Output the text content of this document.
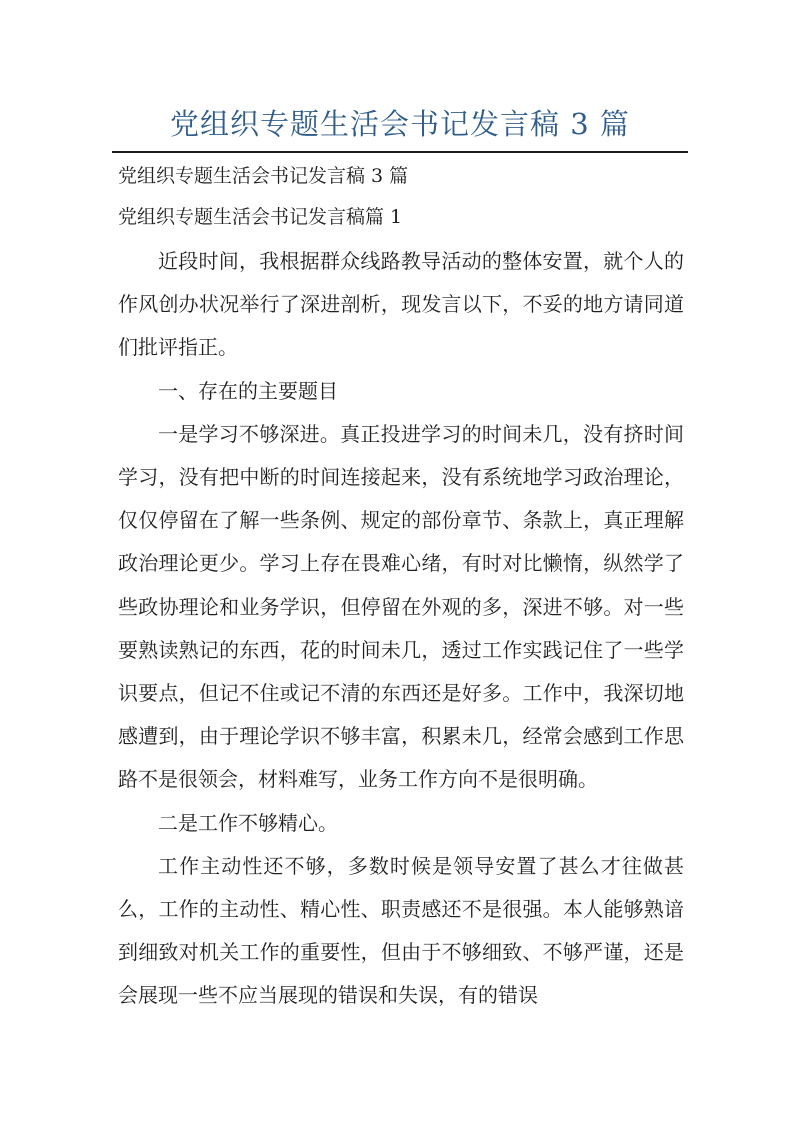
党组织专题生活会书记发言稿 3 篇
党组织专题生活会书记发言稿 3 篇
党组织专题生活会书记发言稿篇 1

近段时间，我根据群众线路教导活动的整体安置，就个人的作风创办状况举行了深进剖析，现发言以下，不妥的地方请同道们批评指正。

一、存在的主要题目

一是学习不够深进。真正投进学习的时间未几，没有挤时间学习，没有把中断的时间连接起来，没有系统地学习政治理论，仅仅停留在了解一些条例、规定的部份章节、条款上，真正理解政治理论更少。学习上存在畏难心绪，有时对比懒惰，纵然学了些政协理论和业务学识，但停留在外观的多，深进不够。对一些要熟读熟记的东西，花的时间未几，透过工作实践记住了一些学识要点，但记不住或记不清的东西还是好多。工作中，我深切地感遭到，由于理论学识不够丰富，积累未几，经常会感到工作思路不是很领会，材料难写，业务工作方向不是很明确。

二是工作不够精心。

工作主动性还不够，多数时候是领导安置了甚么才往做甚么，工作的主动性、精心性、职责感还不是很强。本人能够熟谙到细致对机关工作的重要性，但由于不够细致、不够严谨，还是会展现一些不应当展现的错误和失误，有的错误
